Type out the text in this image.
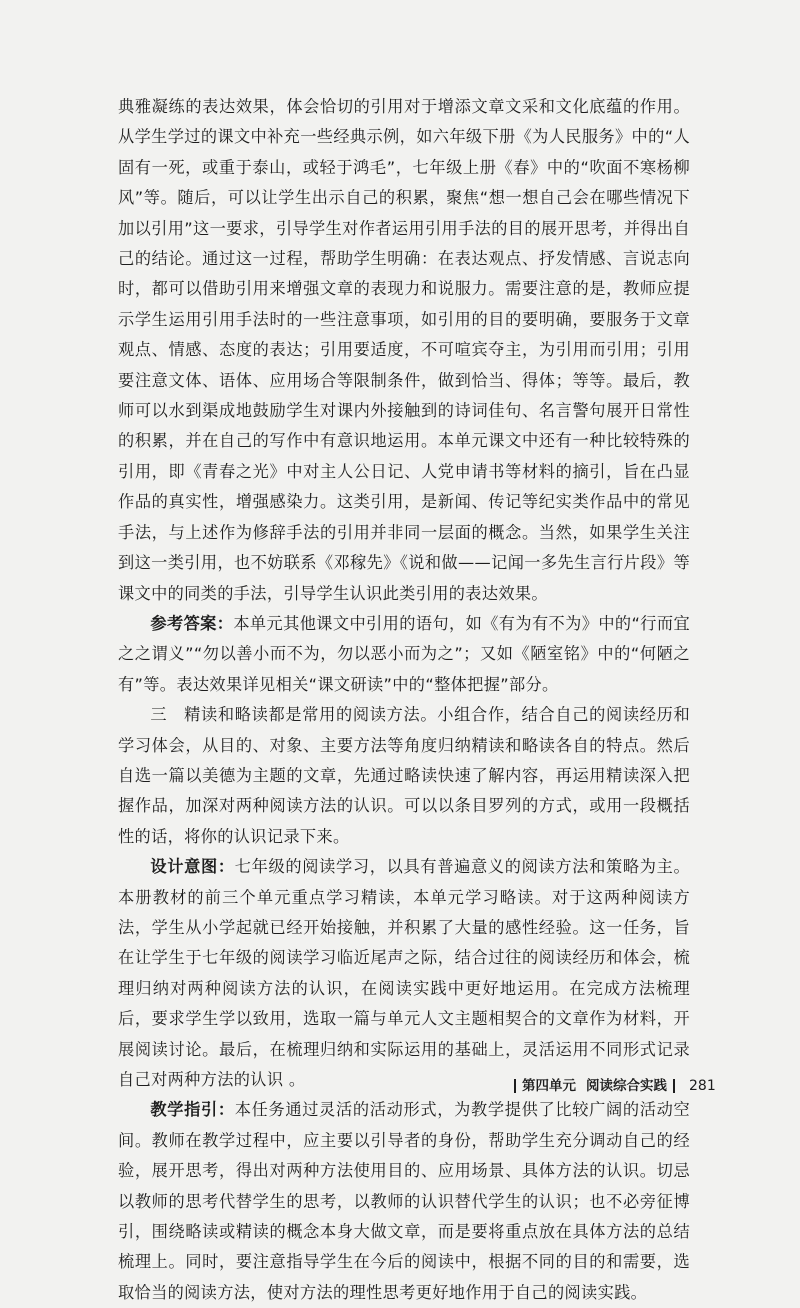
典雅凝练的表达效果，体会恰切的引用对于增添文章文采和文化底蕴的作用。从学生学过的课文中补充一些经典示例，如六年级下册《为人民服务》中的“人固有一死，或重于泰山，或轻于鸿毛”，七年级上册《春》中的“吹面不寒杨柳风”等。随后，可以让学生出示自己的积累，聚焦“想一想自己会在哪些情况下加以引用”这一要求，引导学生对作者运用引用手法的目的展开思考，并得出自己的结论。通过这一过程，帮助学生明确：在表达观点、抒发情感、言说志向时，都可以借助引用来增强文章的表现力和说服力。需要注意的是，教师应提示学生运用引用手法时的一些注意事项，如引用的目的要明确，要服务于文章观点、情感、态度的表达；引用要适度，不可喧宾夺主，为引用而引用；引用要注意文体、语体、应用场合等限制条件，做到恰当、得体；等等。最后，教师可以水到渠成地鼓励学生对课内外接触到的诗词佳句、名言警句展开日常性的积累，并在自己的写作中有意识地运用。本单元课文中还有一种比较特殊的引用，即《青春之光》中对主人公日记、人党申请书等材料的摘引，旨在凸显作品的真实性，增强感染力。这类引用，是新闻、传记等纪实类作品中的常见手法，与上述作为修辞手法的引用并非同一层面的概念。当然，如果学生关注到这一类引用，也不妨联系《邓稼先》《说和做——记闻一多先生言行片段》等课文中的同类的手法，引导学生认识此类引用的表达效果。

参考答案：本单元其他课文中引用的语句，如《有为有不为》中的“行而宜之之谓义”“勿以善小而不为，勿以恶小而为之”；又如《陋室铭》中的“何陋之有”等。表达效果详见相关“课文研读”中的“整体把握”部分。

三　精读和略读都是常用的阅读方法。小组合作，结合自己的阅读经历和学习体会，从目的、对象、主要方法等角度归纳精读和略读各自的特点。然后自选一篇以美德为主题的文章，先通过略读快速了解内容，再运用精读深入把握作品，加深对两种阅读方法的认识。可以以条目罗列的方式，或用一段概括性的话，将你的认识记录下来。

设计意图：七年级的阅读学习，以具有普遍意义的阅读方法和策略为主。本册教材的前三个单元重点学习精读，本单元学习略读。对于这两种阅读方法，学生从小学起就已经开始接触，并积累了大量的感性经验。这一任务，旨在让学生于七年级的阅读学习临近尾声之际，结合过往的阅读经历和体会，梳理归纳对两种阅读方法的认识，在阅读实践中更好地运用。在完成方法梳理后，要求学生学以致用，选取一篇与单元人文主题相契合的文章作为材料，开展阅读讨论。最后，在梳理归纳和实际运用的基础上，灵活运用不同形式记录自己对两种方法的认识 。

教学指引：本任务通过灵活的活动形式，为教学提供了比较广阔的活动空间。教师在教学过程中，应主要以引导者的身份，帮助学生充分调动自己的经验，展开思考，得出对两种方法使用目的、应用场景、具体方法的认识。切忌以教师的思考代替学生的思考，以教师的认识替代学生的认识；也不必旁征博引，围绕略读或精读的概念本身大做文章，而是要将重点放在具体方法的总结梳理上。同时，要注意指导学生在今后的阅读中，根据不同的目的和需要，选取恰当的阅读方法，使对方法的理性思考更好地作用于自己的阅读实践。

第四单元 阅读综合实践 281
